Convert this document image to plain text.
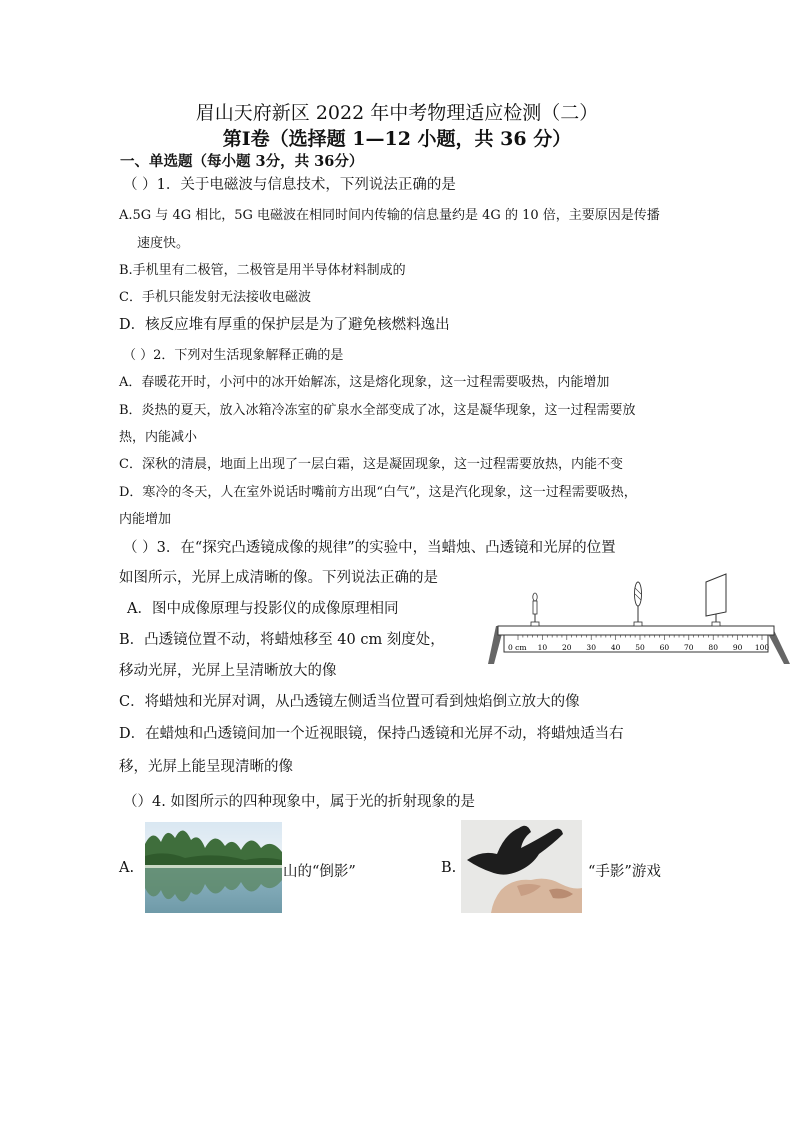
眉山天府新区 2022 年中考物理适应检测（二）
第Ⅰ卷（选择题 1—12 小题，共 36 分）
一、单选题（每小题 3分，共 36分）
（ ）1．关于电磁波与信息技术，下列说法正确的是
A.5G 与 4G 相比，5G 电磁波在相同时间内传输的信息量约是 4G 的 10 倍，主要原因是传播
速度快。
B.手机里有二极管，二极管是用半导体材料制成的
C．手机只能发射无法接收电磁波
D．核反应堆有厚重的保护层是为了避免核燃料逸出
（ ）2．下列对生活现象解释正确的是
A．春暖花开时，小河中的冰开始解冻，这是熔化现象，这一过程需要吸热，内能增加
B．炎热的夏天，放入冰箱冷冻室的矿泉水全部变成了冰，这是凝华现象，这一过程需要放
热，内能减小
C．深秋的清晨，地面上出现了一层白霜，这是凝固现象，这一过程需要放热，内能不变
D．寒冷的冬天，人在室外说话时嘴前方出现“白气”，这是汽化现象，这一过程需要吸热，
内能增加
（ ）3．在“探究凸透镜成像的规律”的实验中，当蜡烛、凸透镜和光屏的位置
如图所示，光屏上成清晰的像。下列说法正确的是
A．图中成像原理与投影仪的成像原理相同
B．凸透镜位置不动，将蜡烛移至 40 cm 刻度处，
移动光屏，光屏上呈清晰放大的像
C．将蜡烛和光屏对调，从凸透镜左侧适当位置可看到烛焰倒立放大的像
D．在蜡烛和凸透镜间加一个近视眼镜，保持凸透镜和光屏不动，将蜡烛适当右
移，光屏上能呈现清晰的像
0 cm 10 20 30 40 50 60 70 80 90 100
（）4. 如图所示的四种现象中，属于光的折射现象的是
A.	山的“倒影”	B.	“手影”游戏
